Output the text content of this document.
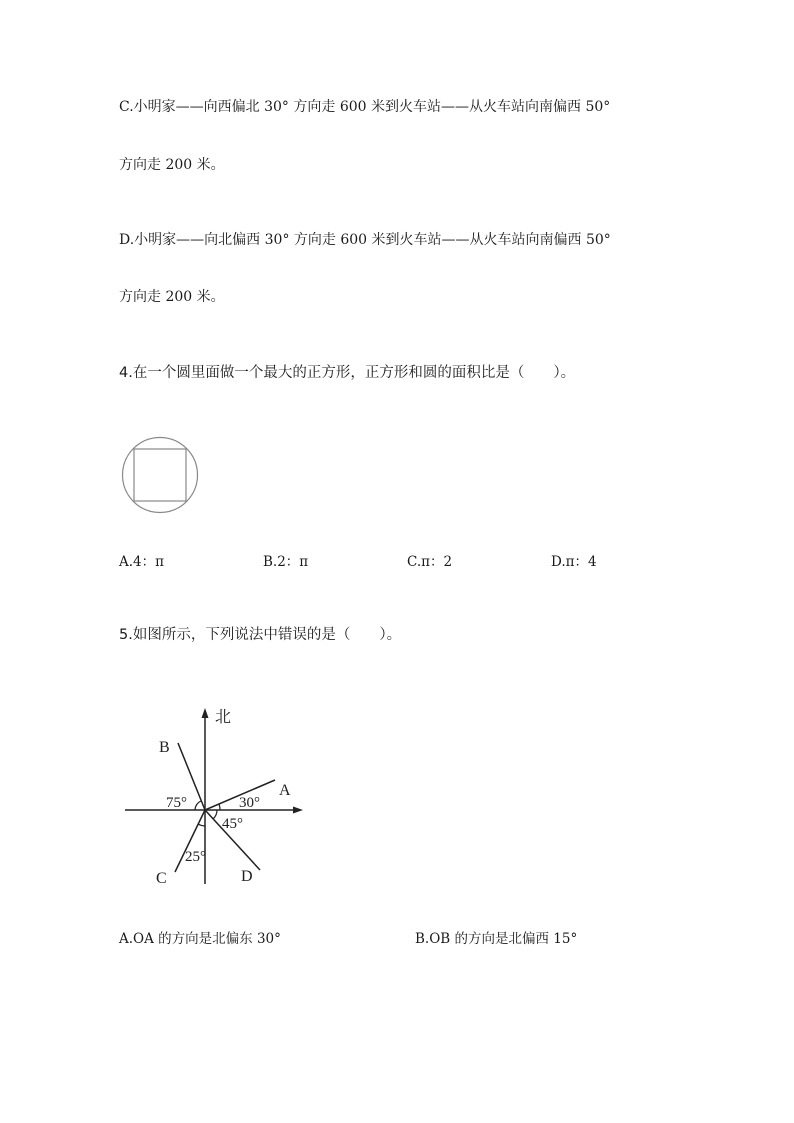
C.小明家——向西偏北 30° 方向走 600 米到火车站——从火车站向南偏西 50°
方向走 200 米。
D.小明家——向北偏西 30° 方向走 600 米到火车站——从火车站向南偏西 50°
方向走 200 米。
4.在一个圆里面做一个最大的正方形，正方形和圆的面积比是（　　）。
A.4：π	B.2：π	C.π：2	D.π：4
5.如图所示，下列说法中错误的是（　　）。
北
A
B
C	D
30°
75°
45°
25°
A.OA 的方向是北偏东 30°	B.OB 的方向是北偏西 15°
